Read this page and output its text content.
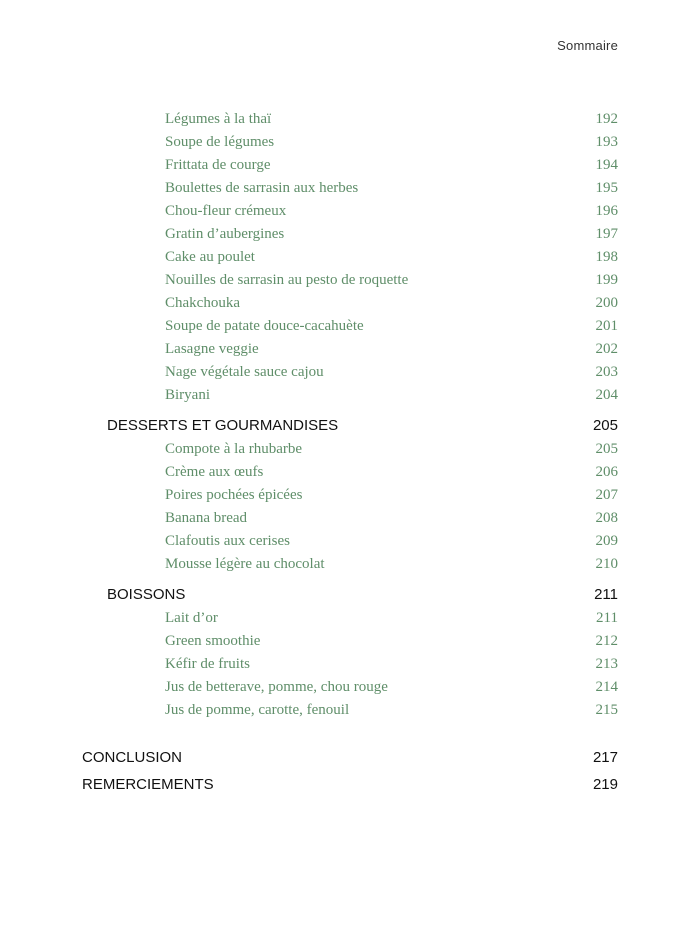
Sommaire
Légumes à la thaï	192
Soupe de légumes	193
Frittata de courge	194
Boulettes de sarrasin aux herbes	195
Chou-fleur crémeux	196
Gratin d’aubergines	197
Cake au poulet	198
Nouilles de sarrasin au pesto de roquette	199
Chakchouka	200
Soupe de patate douce-cacahuète	201
Lasagne veggie	202
Nage végétale sauce cajou	203
Biryani	204
DESSERTS ET GOURMANDISES	205
Compote à la rhubarbe	205
Crème aux œufs	206
Poires pochées épicées	207
Banana bread	208
Clafoutis aux cerises	209
Mousse légère au chocolat	210
BOISSONS	211
Lait d’or	211
Green smoothie	212
Kéfir de fruits	213
Jus de betterave, pomme, chou rouge	214
Jus de pomme, carotte, fenouil	215
CONCLUSION	217
REMERCIEMENTS	219
